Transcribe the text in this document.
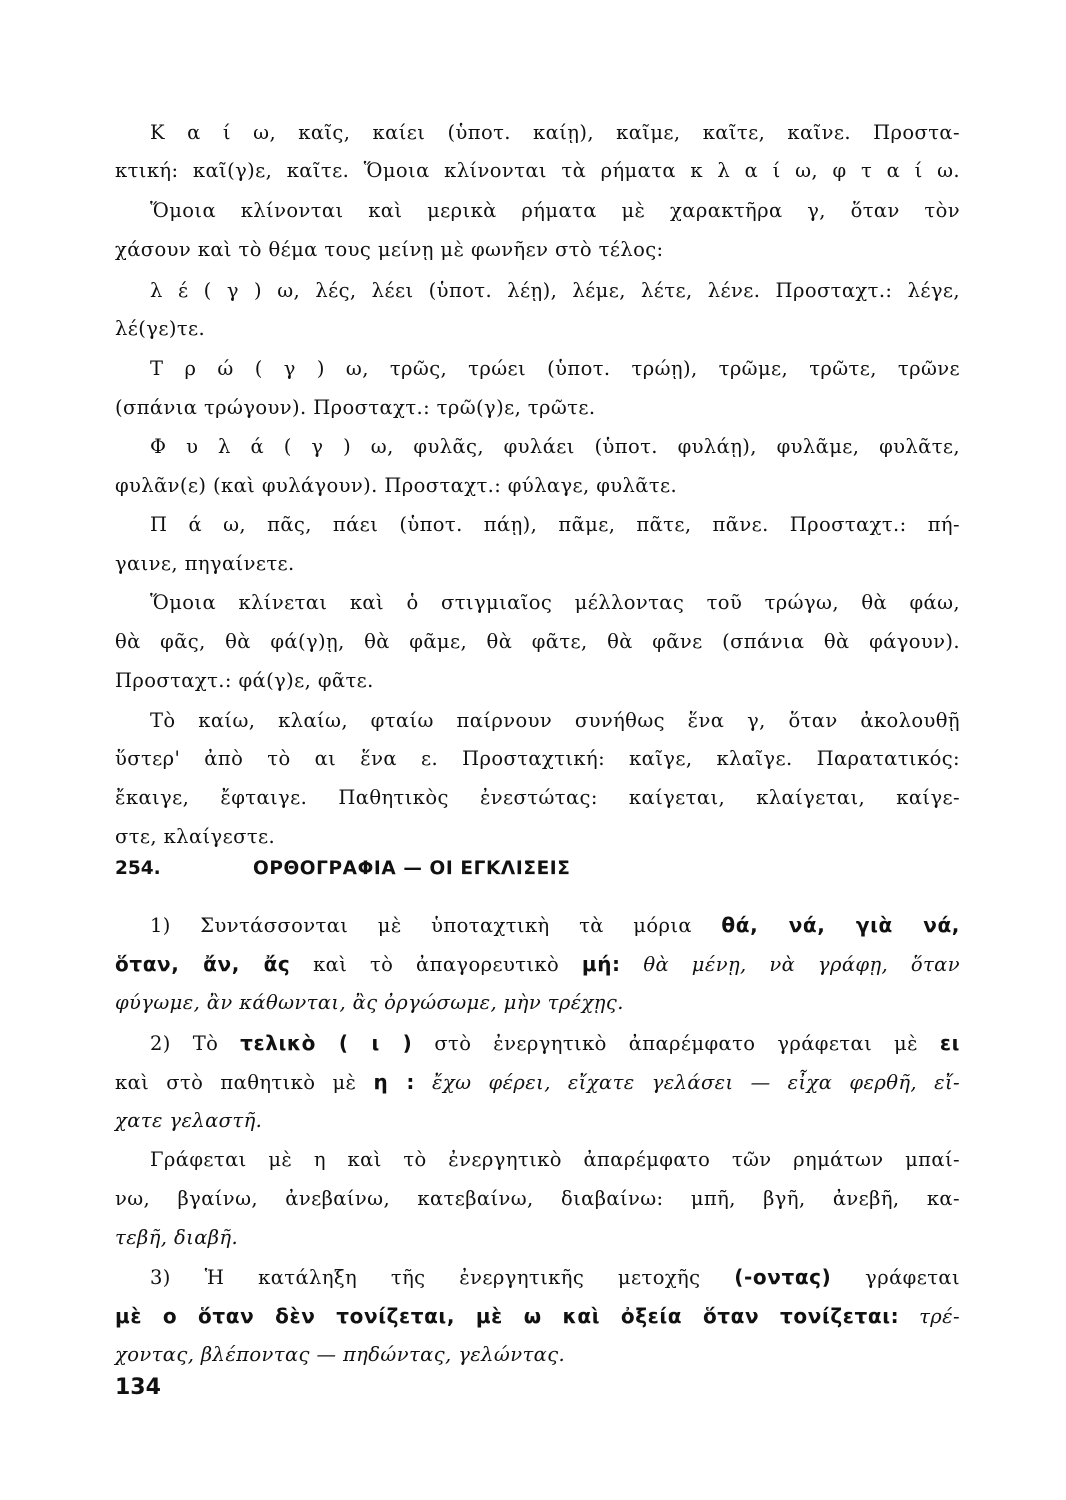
Κ α ί ω, καῖς, καίει (ὑποτ. καίῃ), καῖμε, καῖτε, καῖνε. Προστα-
κτική: καῖ(γ)ε, καῖτε. Ὅμοια κλίνονται τὰ ρήματα κ λ α ί ω, φ τ α ί ω.
Ὅμοια κλίνονται καὶ μερικὰ ρήματα μὲ χαρακτῆρα γ, ὅταν τὸν
χάσουν καὶ τὸ θέμα τους μείνῃ μὲ φωνῆεν στὸ τέλος:
λ έ ( γ ) ω, λές, λέει (ὑποτ. λέῃ), λέμε, λέτε, λένε. Προσταχτ.: λέγε,
λέ(γε)τε.
Τ ρ ώ ( γ ) ω, τρῶς, τρώει (ὑποτ. τρώῃ), τρῶμε, τρῶτε, τρῶνε
(σπάνια τρώγουν). Προσταχτ.: τρῶ(γ)ε, τρῶτε.
Φ υ λ ά ( γ ) ω, φυλᾶς, φυλάει (ὑποτ. φυλάῃ), φυλᾶμε, φυλᾶτε,
φυλᾶν(ε) (καὶ φυλάγουν). Προσταχτ.: φύλαγε, φυλᾶτε.
Π ά ω, πᾶς, πάει (ὑποτ. πάῃ), πᾶμε, πᾶτε, πᾶνε. Προσταχτ.: πή-
γαινε, πηγαίνετε.
Ὅμοια κλίνεται καὶ ὁ στιγμιαῖος μέλλοντας τοῦ τρώγω, θὰ φάω,
θὰ φᾶς, θὰ φά(γ)ῃ, θὰ φᾶμε, θὰ φᾶτε, θὰ φᾶνε (σπάνια θὰ φάγουν).
Προσταχτ.: φά(γ)ε, φᾶτε.
Τὸ καίω, κλαίω, φταίω παίρνουν συνήθως ἕνα γ, ὅταν ἀκολουθῇ
ὕστερ' ἀπὸ τὸ αι ἕνα ε. Προσταχτική: καῖγε, κλαῖγε. Παρατατικός:
ἔκαιγε, ἔφταιγε. Παθητικὸς ἐνεστώτας: καίγεται, κλαίγεται, καίγε-
στε, κλαίγεστε.
254.	ΟΡΘΟΓΡΑΦΙΑ — ΟΙ ΕΓΚΛΙΣΕΙΣ
1) Συντάσσονται μὲ ὑποταχτικὴ τὰ μόρια θά, νά, γιὰ νά,
ὅταν, ἄν, ἄς καὶ τὸ ἀπαγορευτικὸ μή: θὰ μένῃ, νὰ γράφῃ, ὅταν
φύγωμε, ἂν κάθωνται, ἂς ὀργώσωμε, μὴν τρέχῃς.
2) Τὸ τελικὸ ( ι ) στὸ ἐνεργητικὸ ἀπαρέμφατο γράφεται μὲ ει
καὶ στὸ παθητικὸ μὲ η : ἔχω φέρει, εἴχατε γελάσει — εἶχα φερθῆ, εἴ-
χατε γελαστῆ.
Γράφεται μὲ η καὶ τὸ ἐνεργητικὸ ἀπαρέμφατο τῶν ρημάτων μπαί-
νω, βγαίνω, ἀνεβαίνω, κατεβαίνω, διαβαίνω: μπῆ, βγῆ, ἀνεβῆ, κα-
τεβῆ, διαβῆ.
3) Ἡ κατάληξη τῆς ἐνεργητικῆς μετοχῆς (-οντας) γράφεται
μὲ ο ὅταν δὲν τονίζεται, μὲ ω καὶ ὀξεία ὅταν τονίζεται: τρέ-
χοντας, βλέποντας — πηδώντας, γελώντας.
134
